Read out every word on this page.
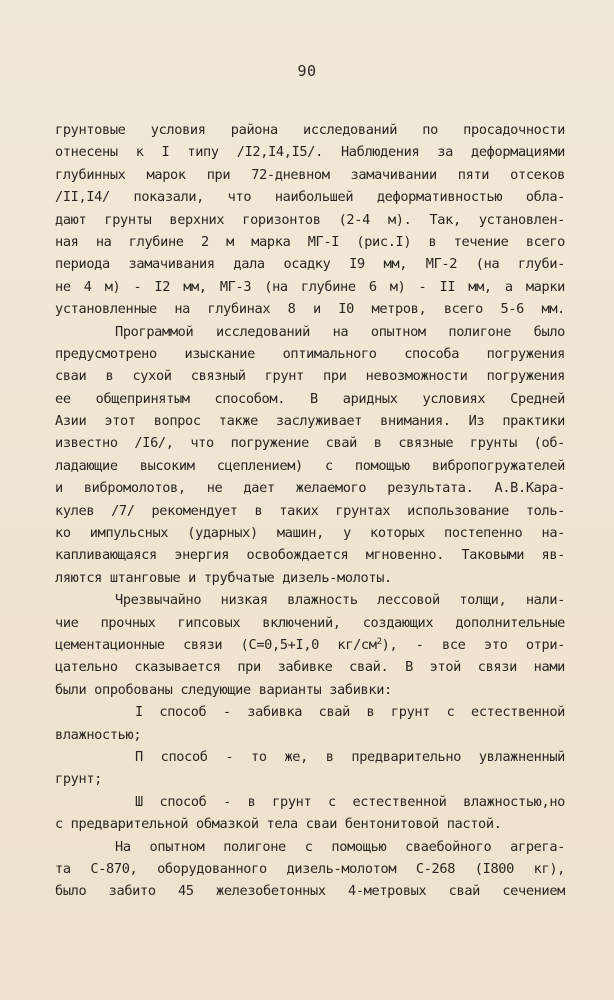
90
грунтовые условия района исследований по просадочности
отнесены к I типу /I2,I4,I5/. Наблюдения за деформациями
глубинных марок при 72-дневном замачивании пяти отсеков
/II,I4/ показали, что наибольшей деформативностью обла-
дают грунты верхних горизонтов (2-4 м). Так, установлен-
ная на глубине 2 м марка МГ-I (рис.I) в течение всего
периода замачивания дала осадку I9 мм, МГ-2 (на глуби-
не 4 м) - I2 мм, МГ-3 (на глубине 6 м) - II мм, а марки
установленные на глубинах 8 и I0 метров, всего 5-6 мм.
Программой исследований на опытном полигоне было
предусмотрено изыскание оптимального способа погружения
сваи в сухой связный грунт при невозможности погружения
ее общепринятым способом. В аридных условиях Средней
Азии этот вопрос также заслуживает внимания. Из практики
известно /I6/, что погружение свай в связные грунты (об-
ладающие высоким сцеплением) с помощью вибропогружателей
и вибромолотов, не дает желаемого результата. А.В.Кара-
кулев /7/ рекомендует в таких грунтах использование толь-
ко импульсных (ударных) машин, у которых постепенно на-
капливающаяся энергия освобождается мгновенно. Таковыми яв-
ляются штанговые и трубчатые дизель-молоты.
Чрезвычайно низкая влажность лессовой толщи, нали-
чие прочных гипсовых включений, создающих дополнительные
цементационные связи (С=0,5+I,0 $кг/см^2$), - все это отри-
цательно сказывается при забивке свай. В этой связи нами
были опробованы следующие варианты забивки:
I способ - забивка свай в грунт с естественной
влажностью;
П способ - то же, в предварительно увлажненный
грунт;
Ш способ - в грунт с естественной влажностью,но
с предварительной обмазкой тела сваи бентонитовой пастой.
На опытном полигоне с помощью сваебойного агрега-
та С-870, оборудованного дизель-молотом С-268 (I800 кг),
было забито 45 железобетонных 4-метровых свай сечением
